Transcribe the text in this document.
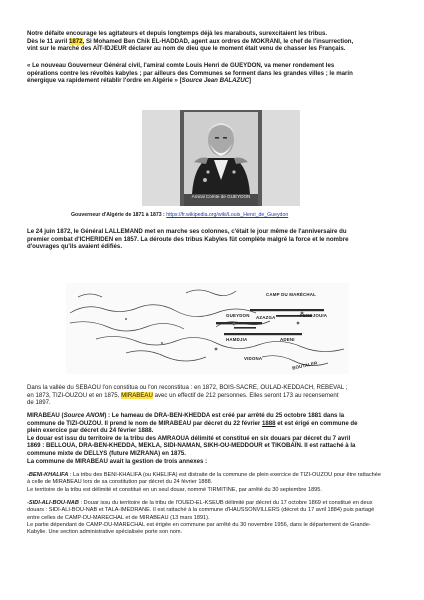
Notre défaite encourage les agitateurs et depuis longtemps déjà les marabouts, surexcitaient les tribus.
Dès le 11 avril 1872, Si Mohamed Ben Chik EL-HADDAD, agent aux ordres de MOKRANI, le chef de l'insurrection,
vint sur le marché des AÏT-IDJEUR déclarer au nom de dieu que le moment était venu de chasser les Français.
« Le nouveau Gouverneur Général civil, l'amiral comte Louis Henri de GUEYDON, va mener rondement les
opérations contre les révoltés kabyles ; par ailleurs des Communes se forment dans les grandes villes ; le marin
énergique va rapidement rétablir l'ordre en Algérie » [Source Jean BALAZUC]
Amiral Comte de GUEYDON
Gouverneur d'Algérie de 1871 à 1873 : https://fr.wikipedia.org/wiki/Louis_Henri_de_Gueydon
Le 24 juin 1872, le Général LALLEMAND met en marche ses colonnes, c'était le jour même de l'anniversaire du
premier combat d'ICHERIDEN en 1857. La déroute des tribus Kabyles fût complète malgré la force et le nombre
d'ouvrages qu'ils avaient édifiés.
CAMP DU MARÉCHAL
GUEYDON AZAZGA	FERDJOUIA
HAMDJIA	ADENI
VIDONA
BOUTALER
Dans la vallée du SEBAOU l'on constitua ou l'on reconstitua : en 1872, BOIS-SACRE, OULAD-KEDDACH, REBEVAL ;
en 1873, TIZI-OUZOU et en 1875, MIRABEAU avec un effectif de 212 personnes. Elles seront 173 au recensement
de 1897.
MIRABEAU (Source ANOM) : Le hameau de DRA-BEN-KHEDDA est créé par arrêté du 25 octobre 1881 dans la
commune de TIZI-OUZOU. Il prend le nom de MIRABEAU par décret du 22 février 1888 et est érigé en commune de
plein exercice par décret du 24 février 1888.
Le douar est issu du territoire de la tribu des AMRAOUA délimité et constitué en six douars par décret du 7 avril
1869 : BELLOUA, DRA-BEN-KHEDDA, MEKLA, SIDI-NAMAN, SIKH-OU-MEDDOUR et TIKOBAÏN. Il est rattaché à la
commune mixte de DELLYS (future MIZRANA) en 1875.
La commune de MIRABEAU avait la gestion de trois annexes :
-BENI-KHALIFA : La tribu des BENI-KHALIFA (ou KHELIFA) est distraite de la commune de plein exercice de TIZI-OUZOU pour être rattachée
à celle de MIRABEAU lors de sa constitution par décret du 24 février 1888.
Le territoire de la tribu est délimité et constitué en un seul douar, nommé TIRMITINE, par arrêté du 30 septembre 1895.
-SIDI-ALI-BOU-NAB : Douar issu du territoire de la tribu de l'OUED-EL-KSEUB délimité par décret du 17 octobre 1869 et constitué en deux
douars : SIDI-ALI-BOU-NAB et TALA-IMEDRANE. Il est rattaché à la commune d'HAUSSONVILLERS (décret du 17 avril 1884) puis partagé
entre celles de CAMP-DU-MARECHAL et de MIRABEAU (13 mars 1891).
Le partie dépendant de CAMP-DU-MARECHAL est érigée en commune par arrêté du 30 novembre 1956, dans le département de Grande-
Kabylie. Une section administrative spécialisée porte son nom.
